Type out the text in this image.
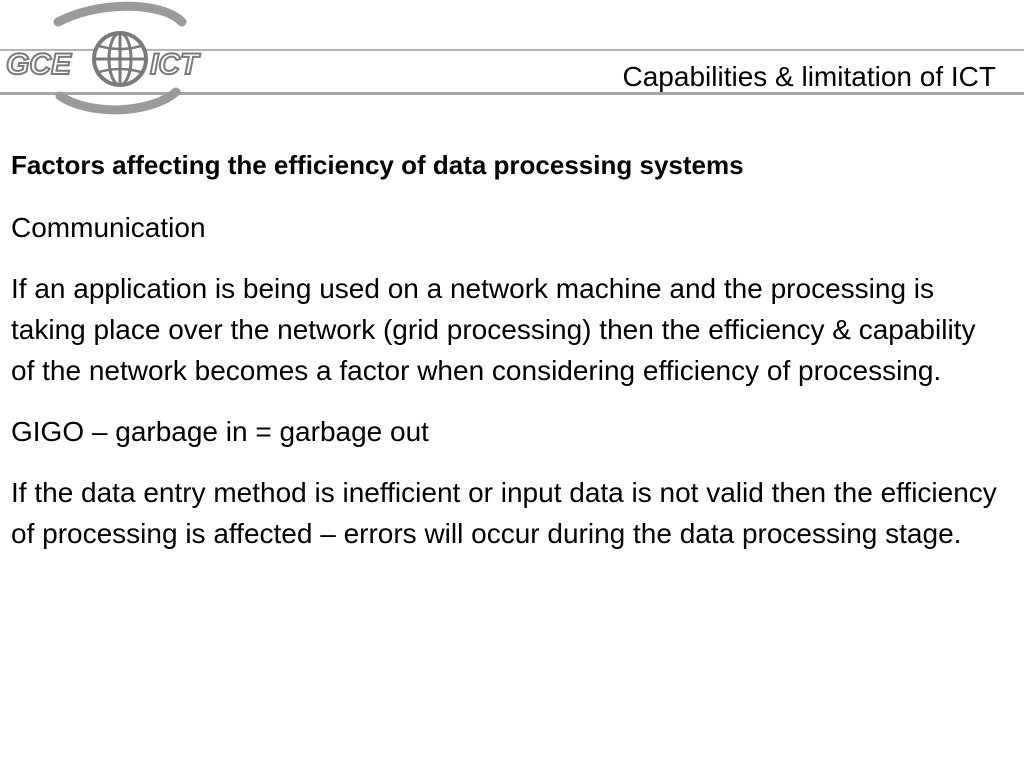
GCE	ICT	Capabilities & limitation of ICT
Factors affecting the efficiency of data processing systems
Communication
If an application is being used on a network machine and the processing is taking place over the network (grid processing) then the efficiency & capability of the network becomes a factor when considering efficiency of processing.
GIGO – garbage in = garbage out
If the data entry method is inefficient or input data is not valid then the efficiency of processing is affected – errors will occur during the data processing stage.
